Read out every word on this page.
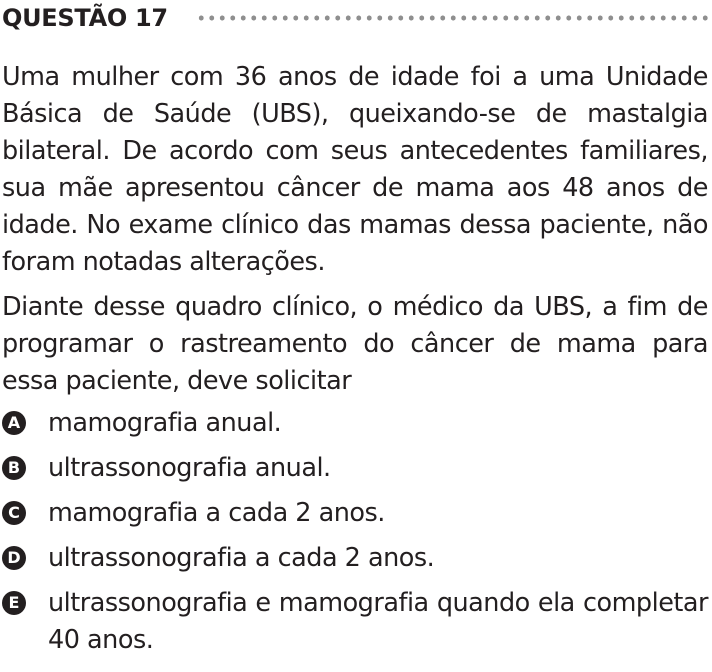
QUESTÃO 17

Uma mulher com 36 anos de idade foi a uma Unidade Básica de Saúde (UBS), queixando-se de mastalgia bilateral. De acordo com seus antecedentes familiares, sua mãe apresentou câncer de mama aos 48 anos de idade. No exame clínico das mamas dessa paciente, não foram notadas alterações.

Diante desse quadro clínico, o médico da UBS, a fim de programar o rastreamento do câncer de mama para essa paciente, deve solicitar

A mamografia anual.
B ultrassonografia anual.
C mamografia a cada 2 anos.
D ultrassonografia a cada 2 anos.
E ultrassonografia e mamografia quando ela completar 40 anos.
